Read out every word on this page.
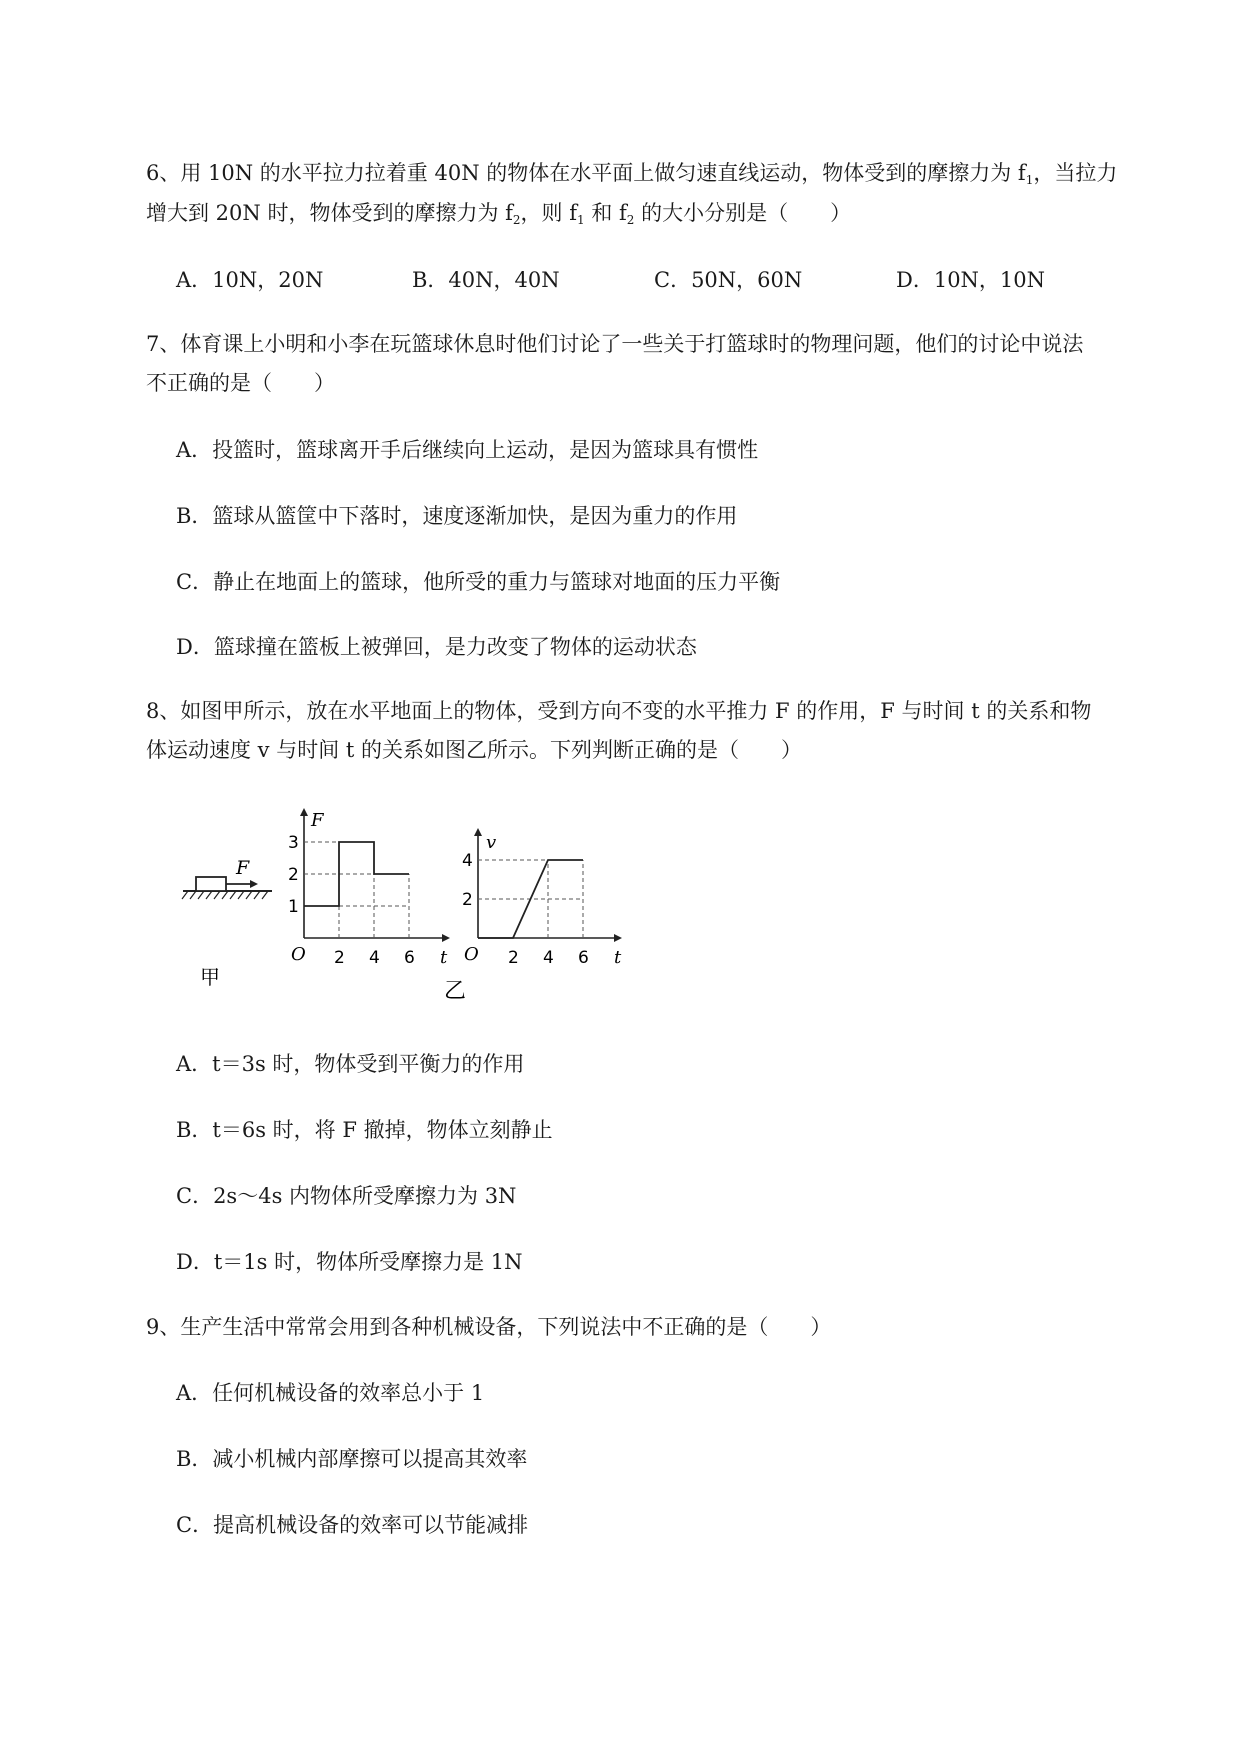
6、用 10N 的水平拉力拉着重 40N 的物体在水平面上做匀速直线运动，物体受到的摩擦力为 $f_1$，当拉力
增大到 20N 时，物体受到的摩擦力为 $f_2$，则 $f_1$ 和 $f_2$ 的大小分别是（　　）
A．10N，20N	B．40N，40N	C．50N，60N	D．10N，10N
7、体育课上小明和小李在玩篮球休息时他们讨论了一些关于打篮球时的物理问题，他们的讨论中说法
不正确的是（　　）
A．投篮时，篮球离开手后继续向上运动，是因为篮球具有惯性
B．篮球从篮筐中下落时，速度逐渐加快，是因为重力的作用
C．静止在地面上的篮球，他所受的重力与篮球对地面的压力平衡
D．篮球撞在篮板上被弹回，是力改变了物体的运动状态
8、如图甲所示，放在水平地面上的物体，受到方向不变的水平推力 F 的作用，F 与时间 t 的关系和物
体运动速度 v 与时间 t 的关系如图乙所示。下列判断正确的是（　　）
F
甲
1
2
3
2 4 6
F
t
O
乙
2
4
2 4 6
v
t
O
A．t＝3s 时，物体受到平衡力的作用
B．t＝6s 时，将 F 撤掉，物体立刻静止
C．2s～4s 内物体所受摩擦力为 3N
D．t＝1s 时，物体所受摩擦力是 1N
9、生产生活中常常会用到各种机械设备，下列说法中不正确的是（　　）
A．任何机械设备的效率总小于 1
B．减小机械内部摩擦可以提高其效率
C．提高机械设备的效率可以节能减排
